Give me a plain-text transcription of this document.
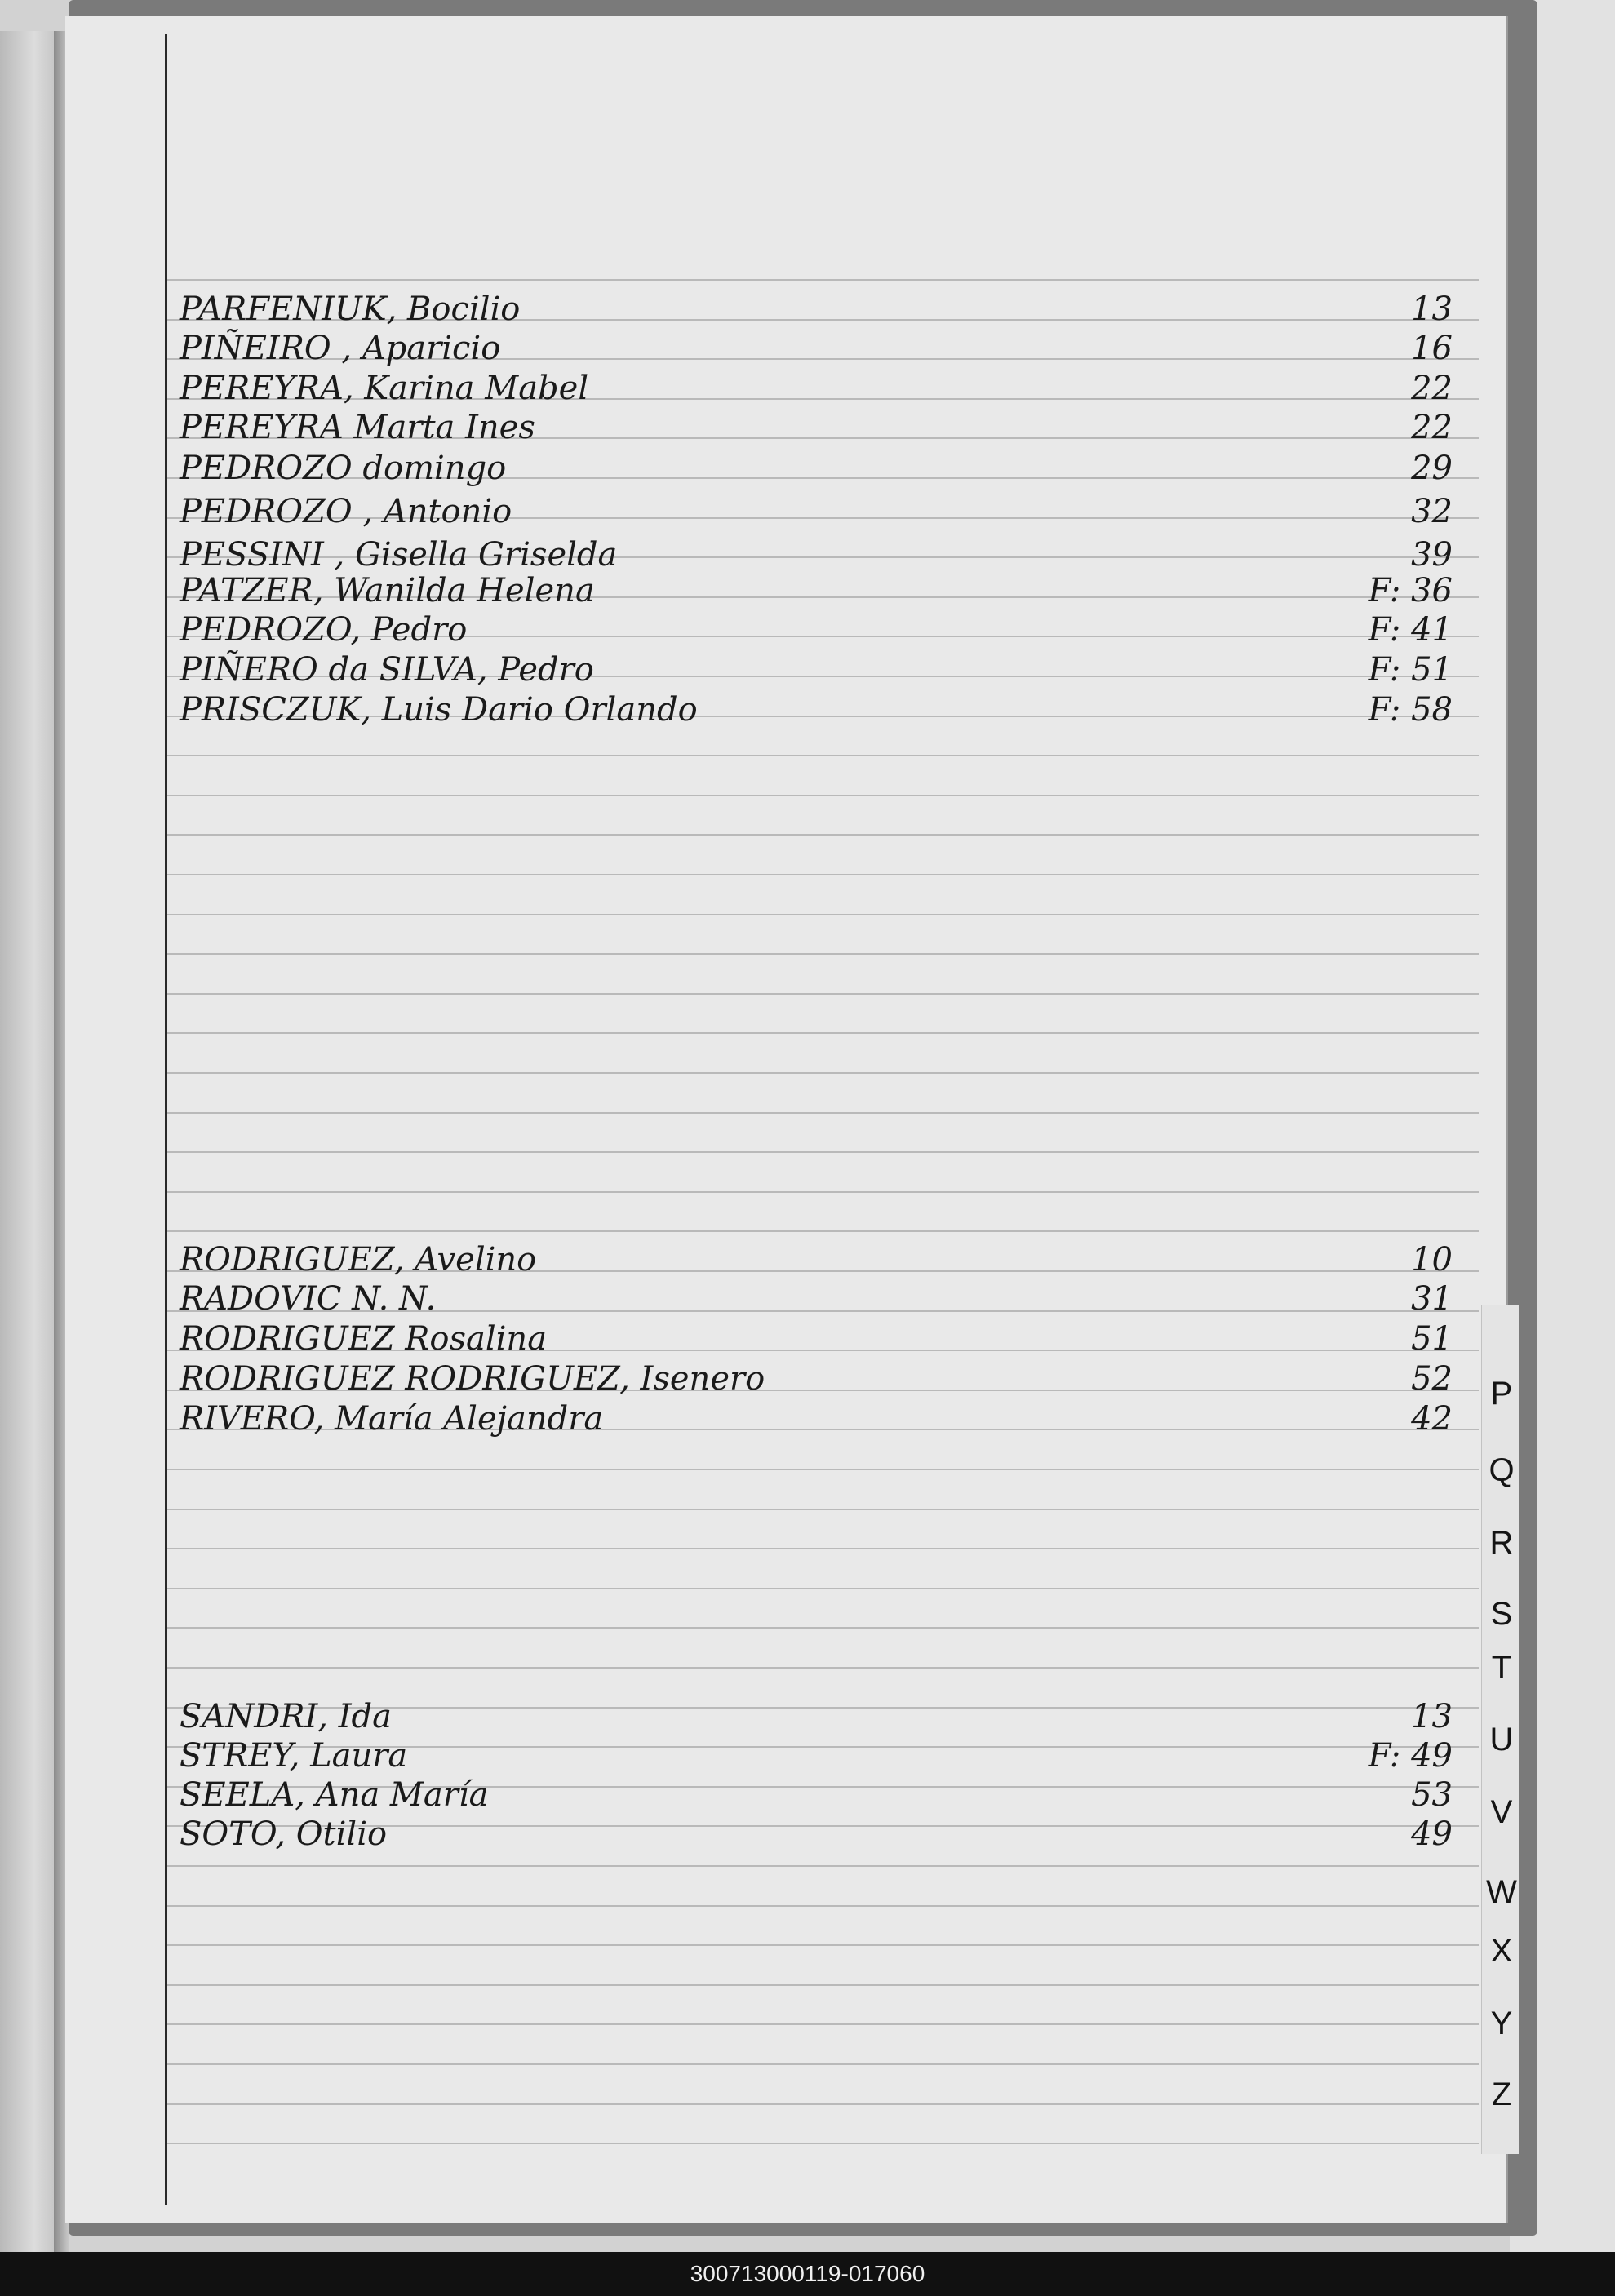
PARFENIUK, Bocilio	13
PIÑEIRO , Aparicio	16
PEREYRA, Karina Mabel	22
PEREYRA Marta Ines	22
PEDROZO domingo	29
PEDROZO , Antonio	32
PESSINI , Gisella Griselda	39
PATZER, Wanilda Helena	F: 36
PEDROZO, Pedro	F: 41
PIÑERO da SILVA, Pedro	F: 51
PRISCZUK, Luis Dario Orlando	F: 58
RODRIGUEZ, Avelino	10
RADOVIC N. N.	31
RODRIGUEZ Rosalina	51
RODRIGUEZ RODRIGUEZ, Isenero	52
RIVERO, María Alejandra	42
SANDRI, Ida	13
STREY, Laura	F: 49
SEELA, Ana María	53
SOTO, Otilio	49
P
Q
R
S
T
U
V
W
X
Y
Z
300713000119-017060
